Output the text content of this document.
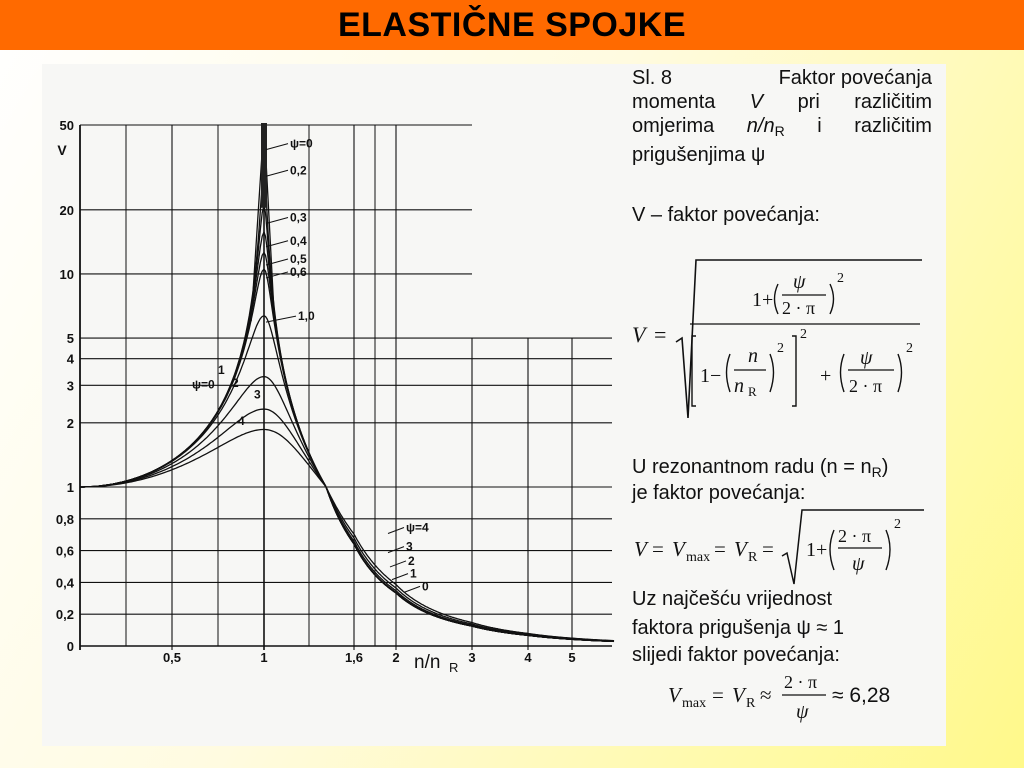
ELASTIČNE SPOJKE
50
20
10
5
4
3
2
1
0,8
0,6
0,4
0,2
0
V
0,5	1	1,6 2	3	4	5
n/n R
ψ=0
0,2
0,3
0,4
0,5
0,6
1,0
1
ψ=0 2
3
4
ψ=4
3
2
1
0
Sl. 8	Faktor povećanja
momenta V pri različitim
omjerima $n/n_R$ i različitim
prigušenjima ψ
V – faktor povećanja:
V =
1+
ψ
2 · π
2
1−
n
n R
2
2
+
ψ
2 · π
2
U rezonantnom radu $(n = n_R)$
je faktor povećanja:
V = V max = V R = 1+
2 · π
ψ
2
Uz najčešću vrijednost
faktora prigušenja ψ ≈ 1
slijedi faktor povećanja:
V max = V R ≈
2 · π
ψ
≈ 6,28
